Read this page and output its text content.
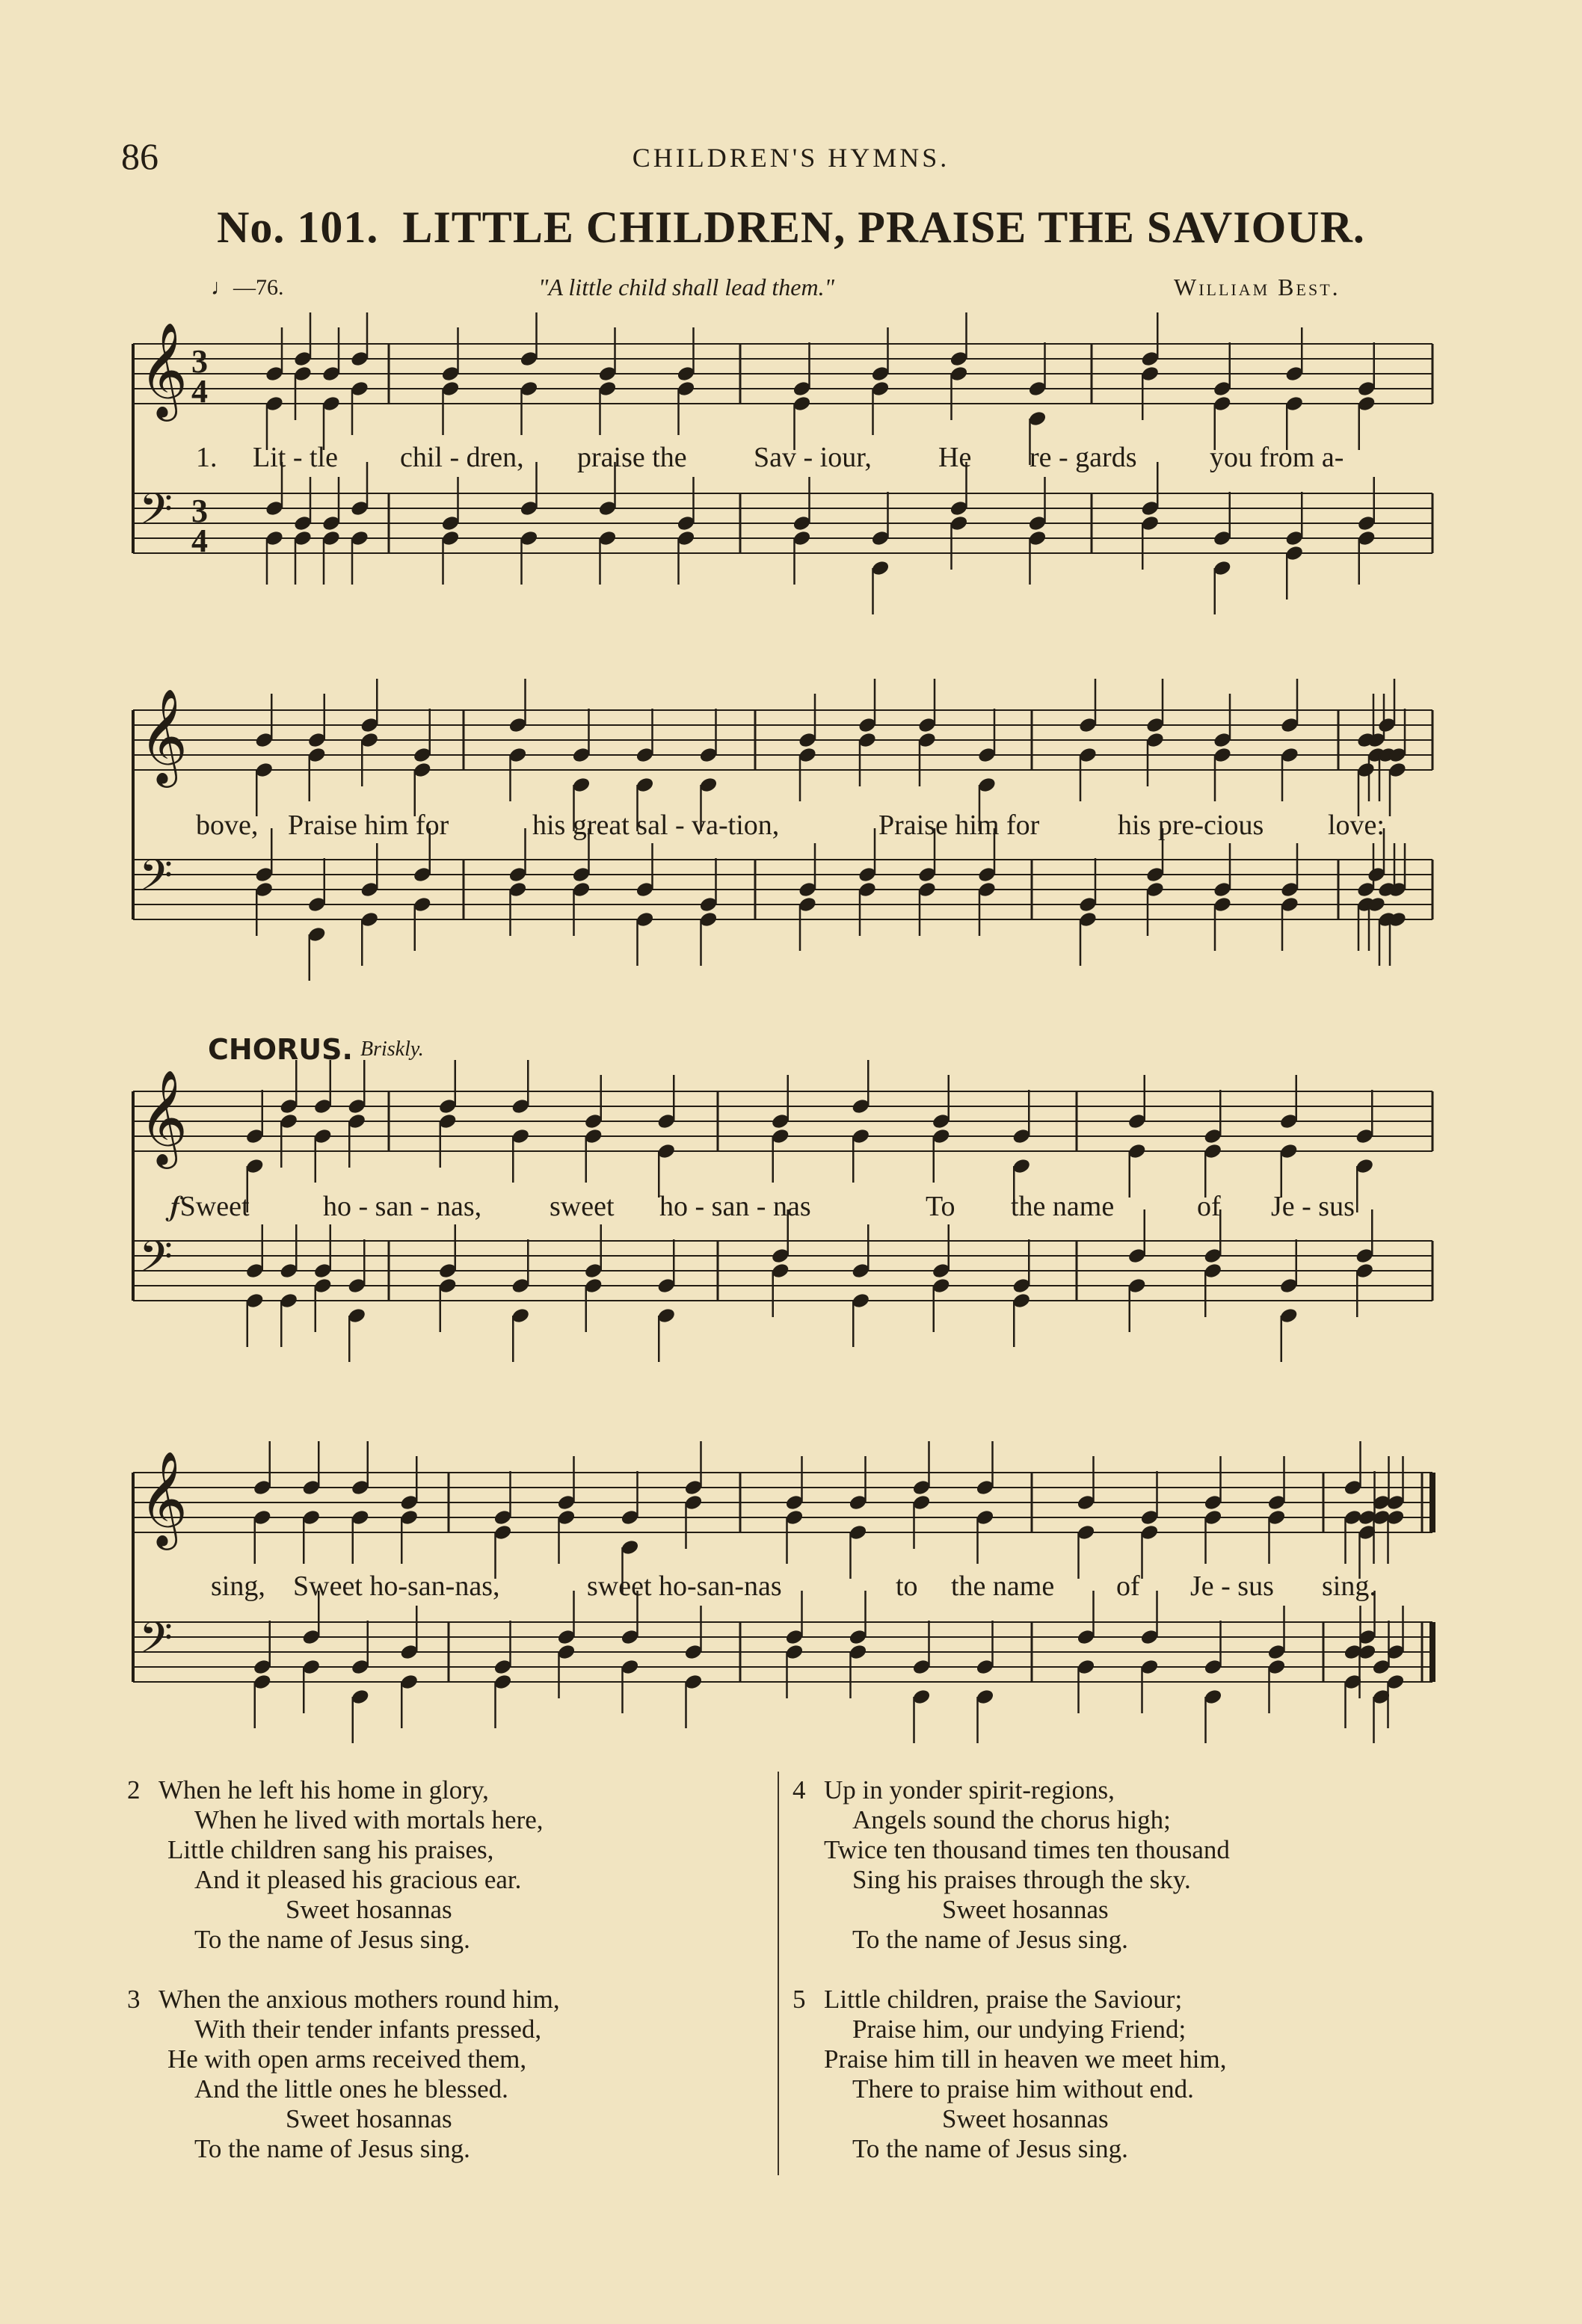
86	CHILDREN'S HYMNS.
No. 101. LITTLE CHILDREN, PRAISE THE SAVIOUR.
♩—76.	"A little child shall lead them."	William Best.
𝄞 3
4
𝄢 3
4
𝄞
𝄢
𝄞
𝄢
𝄞
𝄢
CHORUS. Briskly.
1. Lit - tle chil - dren, praise the Sav - iour, He re - gards	you from a-
bove, Praise him for	his great sal - va-tion,	Praise him for	his pre-cious love:
𝆑Sweet	ho - san - nas, sweet ho - san - nas	To the name	of Je - sus
sing, Sweet ho-san-nas,	sweet ho-san-nas	to the name of Je - sus sing.
2 When he left his home in glory,
When he lived with mortals here,
Little children sang his praises,
And it pleased his gracious ear.
Sweet hosannas
To the name of Jesus sing.
3 When the anxious mothers round him,
With their tender infants pressed,
He with open arms received them,
And the little ones he blessed.
Sweet hosannas
To the name of Jesus sing.
4 Up in yonder spirit-regions,
Angels sound the chorus high;
Twice ten thousand times ten thousand
Sing his praises through the sky.
Sweet hosannas
To the name of Jesus sing.
5 Little children, praise the Saviour;
Praise him, our undying Friend;
Praise him till in heaven we meet him,
There to praise him without end.
Sweet hosannas
To the name of Jesus sing.
